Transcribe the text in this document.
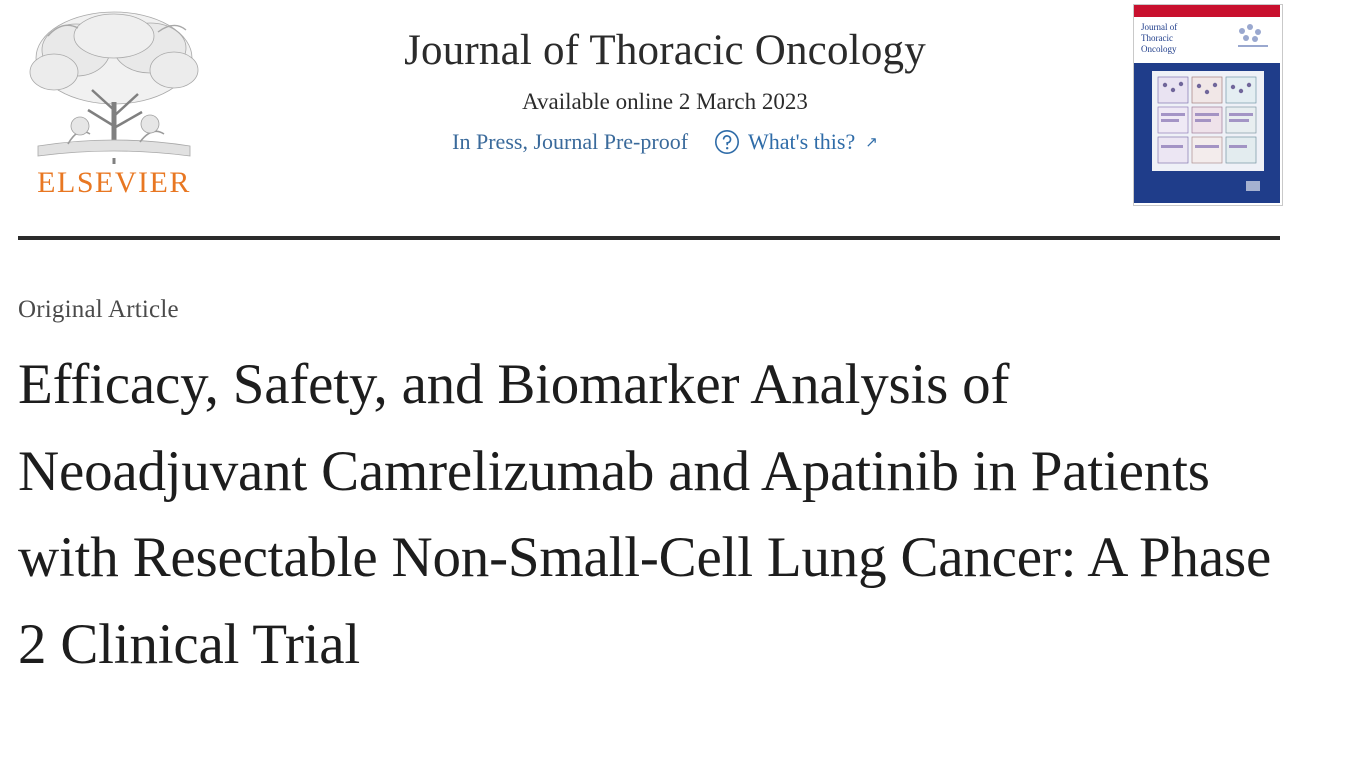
ELSEVIER
Journal of Thoracic Oncology
Available online 2 March 2023
In Press, Journal Pre-proof	What's this? ↗
Journal of
Thoracic
Oncology
Original Article
Efficacy, Safety, and Biomarker Analysis of Neoadjuvant Camrelizumab and Apatinib in Patients with Resectable Non-Small-Cell Lung Cancer: A Phase 2 Clinical Trial
